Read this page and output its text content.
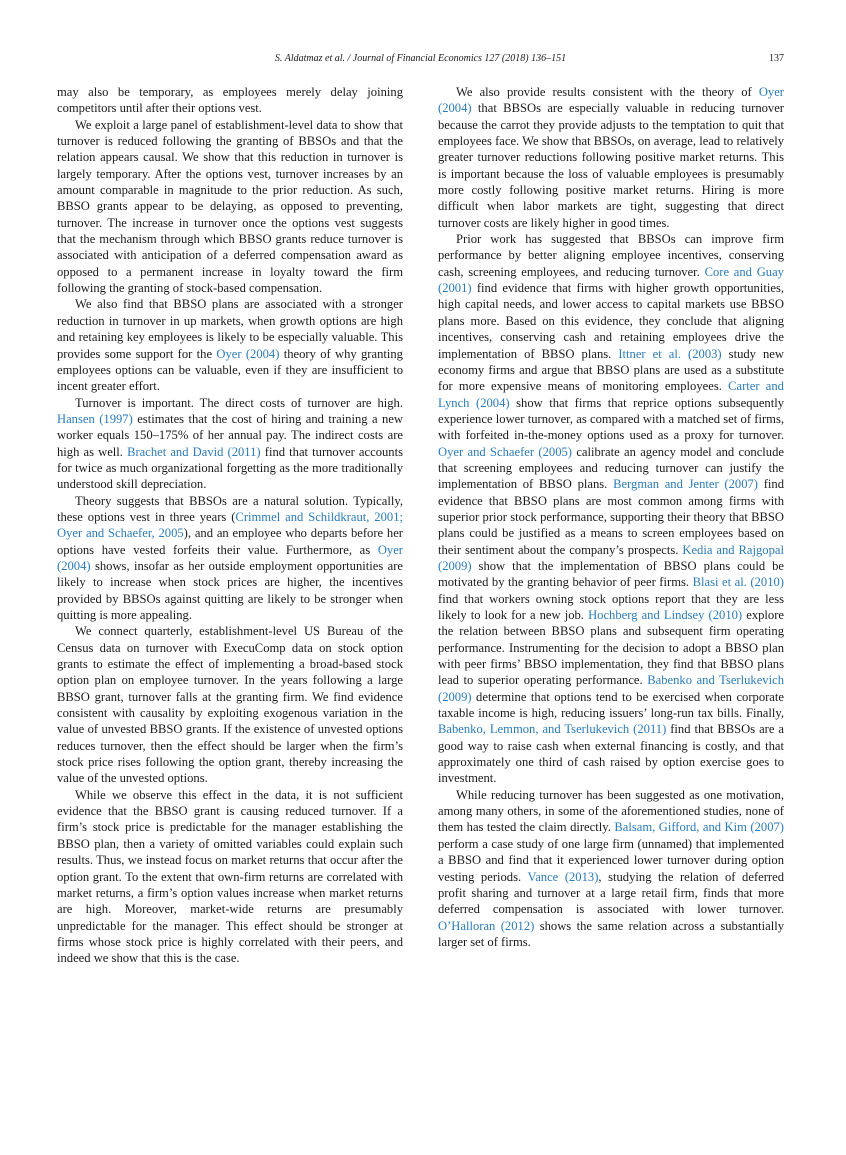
S. Aldatmaz et al. / Journal of Financial Economics 127 (2018) 136–151	137

may also be temporary, as employees merely delay joining competitors until after their options vest.

We exploit a large panel of establishment-level data to show that turnover is reduced following the granting of BBSOs and that the relation appears causal. We show that this reduction in turnover is largely temporary. After the options vest, turnover increases by an amount comparable in magnitude to the prior reduction. As such, BBSO grants appear to be delaying, as opposed to preventing, turnover. The increase in turnover once the options vest suggests that the mechanism through which BBSO grants reduce turnover is associated with anticipation of a deferred compensation award as opposed to a permanent increase in loyalty toward the firm following the granting of stock-based compensation.

We also find that BBSO plans are associated with a stronger reduction in turnover in up markets, when growth options are high and retaining key employees is likely to be especially valuable. This provides some support for the Oyer (2004) theory of why granting employees options can be valuable, even if they are insufficient to incent greater effort.

Turnover is important. The direct costs of turnover are high. Hansen (1997) estimates that the cost of hiring and training a new worker equals 150–175% of her annual pay. The indirect costs are high as well. Brachet and David (2011) find that turnover accounts for twice as much organizational forgetting as the more traditionally understood skill depreciation.

Theory suggests that BBSOs are a natural solution. Typically, these options vest in three years (Crimmel and Schildkraut, 2001; Oyer and Schaefer, 2005), and an employee who departs before her options have vested forfeits their value. Furthermore, as Oyer (2004) shows, insofar as her outside employment opportunities are likely to increase when stock prices are higher, the incentives provided by BBSOs against quitting are likely to be stronger when quitting is more appealing.

We connect quarterly, establishment-level US Bureau of the Census data on turnover with ExecuComp data on stock option grants to estimate the effect of implementing a broad-based stock option plan on employee turnover. In the years following a large BBSO grant, turnover falls at the granting firm. We find evidence consistent with causality by exploiting exogenous variation in the value of unvested BBSO grants. If the existence of unvested options reduces turnover, then the effect should be larger when the firm’s stock price rises following the option grant, thereby increasing the value of the unvested options.

While we observe this effect in the data, it is not sufficient evidence that the BBSO grant is causing reduced turnover. If a firm’s stock price is predictable for the manager establishing the BBSO plan, then a variety of omitted variables could explain such results. Thus, we instead focus on market returns that occur after the option grant. To the extent that own-firm returns are correlated with market returns, a firm’s option values increase when market returns are high. Moreover, market-wide returns are presumably unpredictable for the manager. This effect should be stronger at firms whose stock price is highly correlated with their peers, and indeed we show that this is the case.

We also provide results consistent with the theory of Oyer (2004) that BBSOs are especially valuable in reducing turnover because the carrot they provide adjusts to the temptation to quit that employees face. We show that BBSOs, on average, lead to relatively greater turnover reductions following positive market returns. This is important because the loss of valuable employees is presumably more costly following positive market returns. Hiring is more difficult when labor markets are tight, suggesting that direct turnover costs are likely higher in good times.

Prior work has suggested that BBSOs can improve firm performance by better aligning employee incentives, conserving cash, screening employees, and reducing turnover. Core and Guay (2001) find evidence that firms with higher growth opportunities, high capital needs, and lower access to capital markets use BBSO plans more. Based on this evidence, they conclude that aligning incentives, conserving cash and retaining employees drive the implementation of BBSO plans. Ittner et al. (2003) study new economy firms and argue that BBSO plans are used as a substitute for more expensive means of monitoring employees. Carter and Lynch (2004) show that firms that reprice options subsequently experience lower turnover, as compared with a matched set of firms, with forfeited in-the-money options used as a proxy for turnover. Oyer and Schaefer (2005) calibrate an agency model and conclude that screening employees and reducing turnover can justify the implementation of BBSO plans. Bergman and Jenter (2007) find evidence that BBSO plans are most common among firms with superior prior stock performance, supporting their theory that BBSO plans could be justified as a means to screen employees based on their sentiment about the company’s prospects. Kedia and Rajgopal (2009) show that the implementation of BBSO plans could be motivated by the granting behavior of peer firms. Blasi et al. (2010) find that workers owning stock options report that they are less likely to look for a new job. Hochberg and Lindsey (2010) explore the relation between BBSO plans and subsequent firm operating performance. Instrumenting for the decision to adopt a BBSO plan with peer firms’ BBSO implementation, they find that BBSO plans lead to superior operating performance. Babenko and Tserlukevich (2009) determine that options tend to be exercised when corporate taxable income is high, reducing issuers’ long-run tax bills. Finally, Babenko, Lemmon, and Tserlukevich (2011) find that BBSOs are a good way to raise cash when external financing is costly, and that approximately one third of cash raised by option exercise goes to investment.

While reducing turnover has been suggested as one motivation, among many others, in some of the aforementioned studies, none of them has tested the claim directly. Balsam, Gifford, and Kim (2007) perform a case study of one large firm (unnamed) that implemented a BBSO and find that it experienced lower turnover during option vesting periods. Vance (2013), studying the relation of deferred profit sharing and turnover at a large retail firm, finds that more deferred compensation is associated with lower turnover. O’Halloran (2012) shows the same relation across a substantially larger set of firms.
